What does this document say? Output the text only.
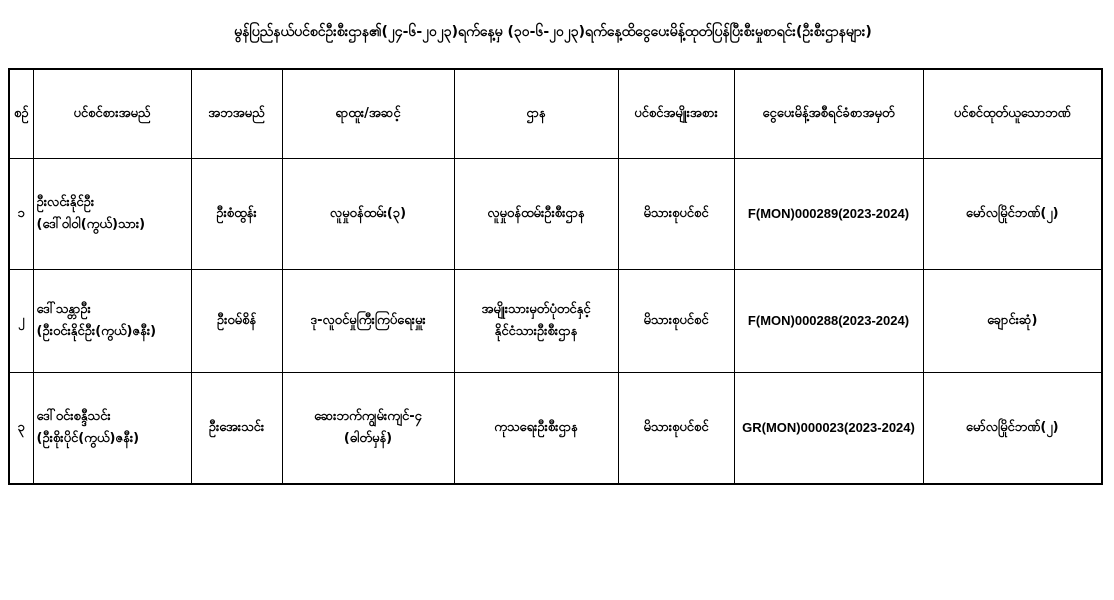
မွန်ပြည်နယ်ပင်စင်ဦးစီးဌာန၏(၂၄-၆-၂၀၂၃)ရက်နေ့မှ (၃၀-၆-၂၀၂၃)ရက်နေ့ထိငွေပေးမိန့်ထုတ်ပြန်ပြီးစီးမှုစာရင်း(ဦးစီးဌာနများ)
စဉ်	ပင်စင်စားအမည်	အဘအမည်	ရာထူး/အဆင့်	ဌာန	ပင်စင်အမျိုးအစား	ငွေပေးမိန့်အစီရင်ခံစာအမှတ်	ပင်စင်ထုတ်ယူသောဘဏ်
၁	ဦးလင်းနိုင်ဦး
(ဒေါ်ဝါဝါ(ကွယ်)သား)	ဦးစံထွန်း	လူမှုဝန်ထမ်း(၃)	လူမှုဝန်ထမ်းဦးစီးဌာန	မိသားစုပင်စင်	F(MON)000289(2023-2024)	မော်လမြိုင်ဘဏ်(၂)
၂	ဒေါ်သန္တာဦး
(ဦးဝင်းနိုင်ဦး(ကွယ်)ဇနီး)	ဦးဝမ်စိန်	ဒု-လူဝင်မှုကြီးကြပ်ရေးမှူး	အမျိုးသားမှတ်ပုံတင်နှင့်
နိုင်ငံသားဦးစီးဌာန	မိသားစုပင်စင်	F(MON)000288(2023-2024)	ချောင်းဆုံ)
၃	ဒေါ်ဝင်းစန္ဒီသင်း
(ဦးစိုးပိုင်(ကွယ်)ဇနီး)	ဦးအေးသင်း	ဆေးဘက်ကျွမ်းကျင်-၄
(ဓါတ်မှန်)	ကုသရေးဦးစီးဌာန	မိသားစုပင်စင်	GR(MON)000023(2023-2024)	မော်လမြိုင်ဘဏ်(၂)
